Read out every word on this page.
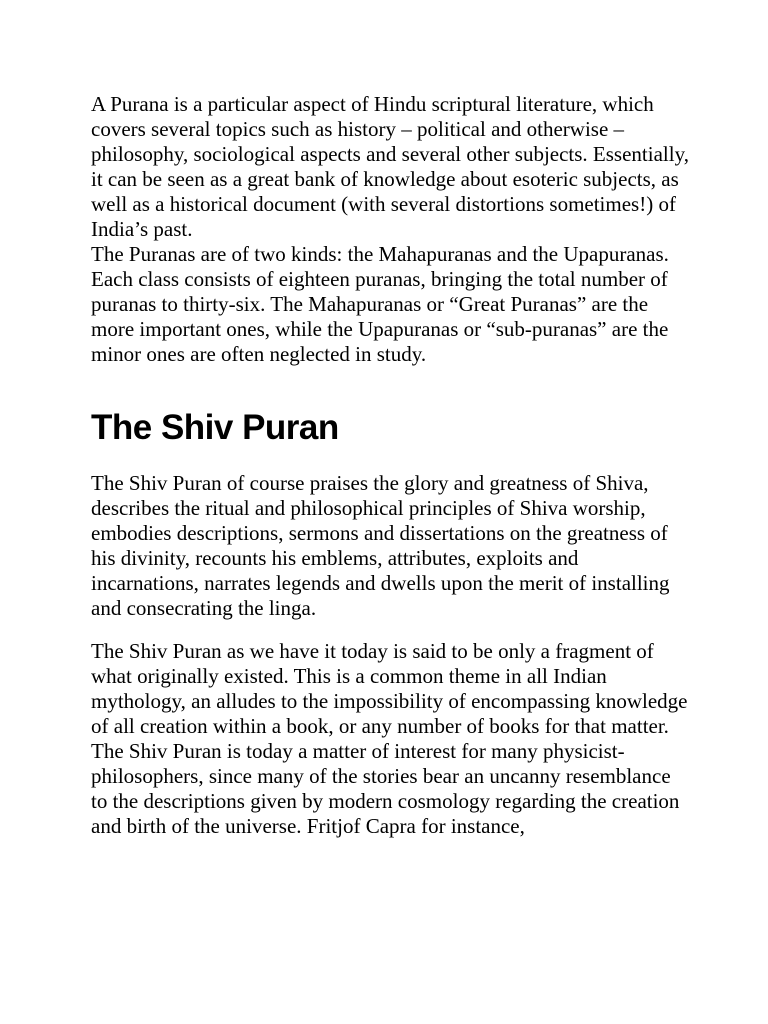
A Purana is a particular aspect of Hindu scriptural literature, which covers several topics such as history – political and otherwise – philosophy, sociological aspects and several other subjects. Essentially, it can be seen as a great bank of knowledge about esoteric subjects, as well as a historical document (with several distortions sometimes!) of India’s past.

The Puranas are of two kinds: the Mahapuranas and the Upapuranas. Each class consists of eighteen puranas, bringing the total number of puranas to thirty-six. The Mahapuranas or “Great Puranas” are the more important ones, while the Upapuranas or “sub-puranas” are the minor ones are often neglected in study.

The Shiv Puran

The Shiv Puran of course praises the glory and greatness of Shiva, describes the ritual and philosophical principles of Shiva worship, embodies descriptions, sermons and dissertations on the greatness of his divinity, recounts his emblems, attributes, exploits and incarnations, narrates legends and dwells upon the merit of installing and consecrating the linga.

The Shiv Puran as we have it today is said to be only a fragment of what originally existed. This is a common theme in all Indian mythology, an alludes to the impossibility of encompassing knowledge of all creation within a book, or any number of books for that matter. The Shiv Puran is today a matter of interest for many physicist-philosophers, since many of the stories bear an uncanny resemblance to the descriptions given by modern cosmology regarding the creation and birth of the universe. Fritjof Capra for instance,
